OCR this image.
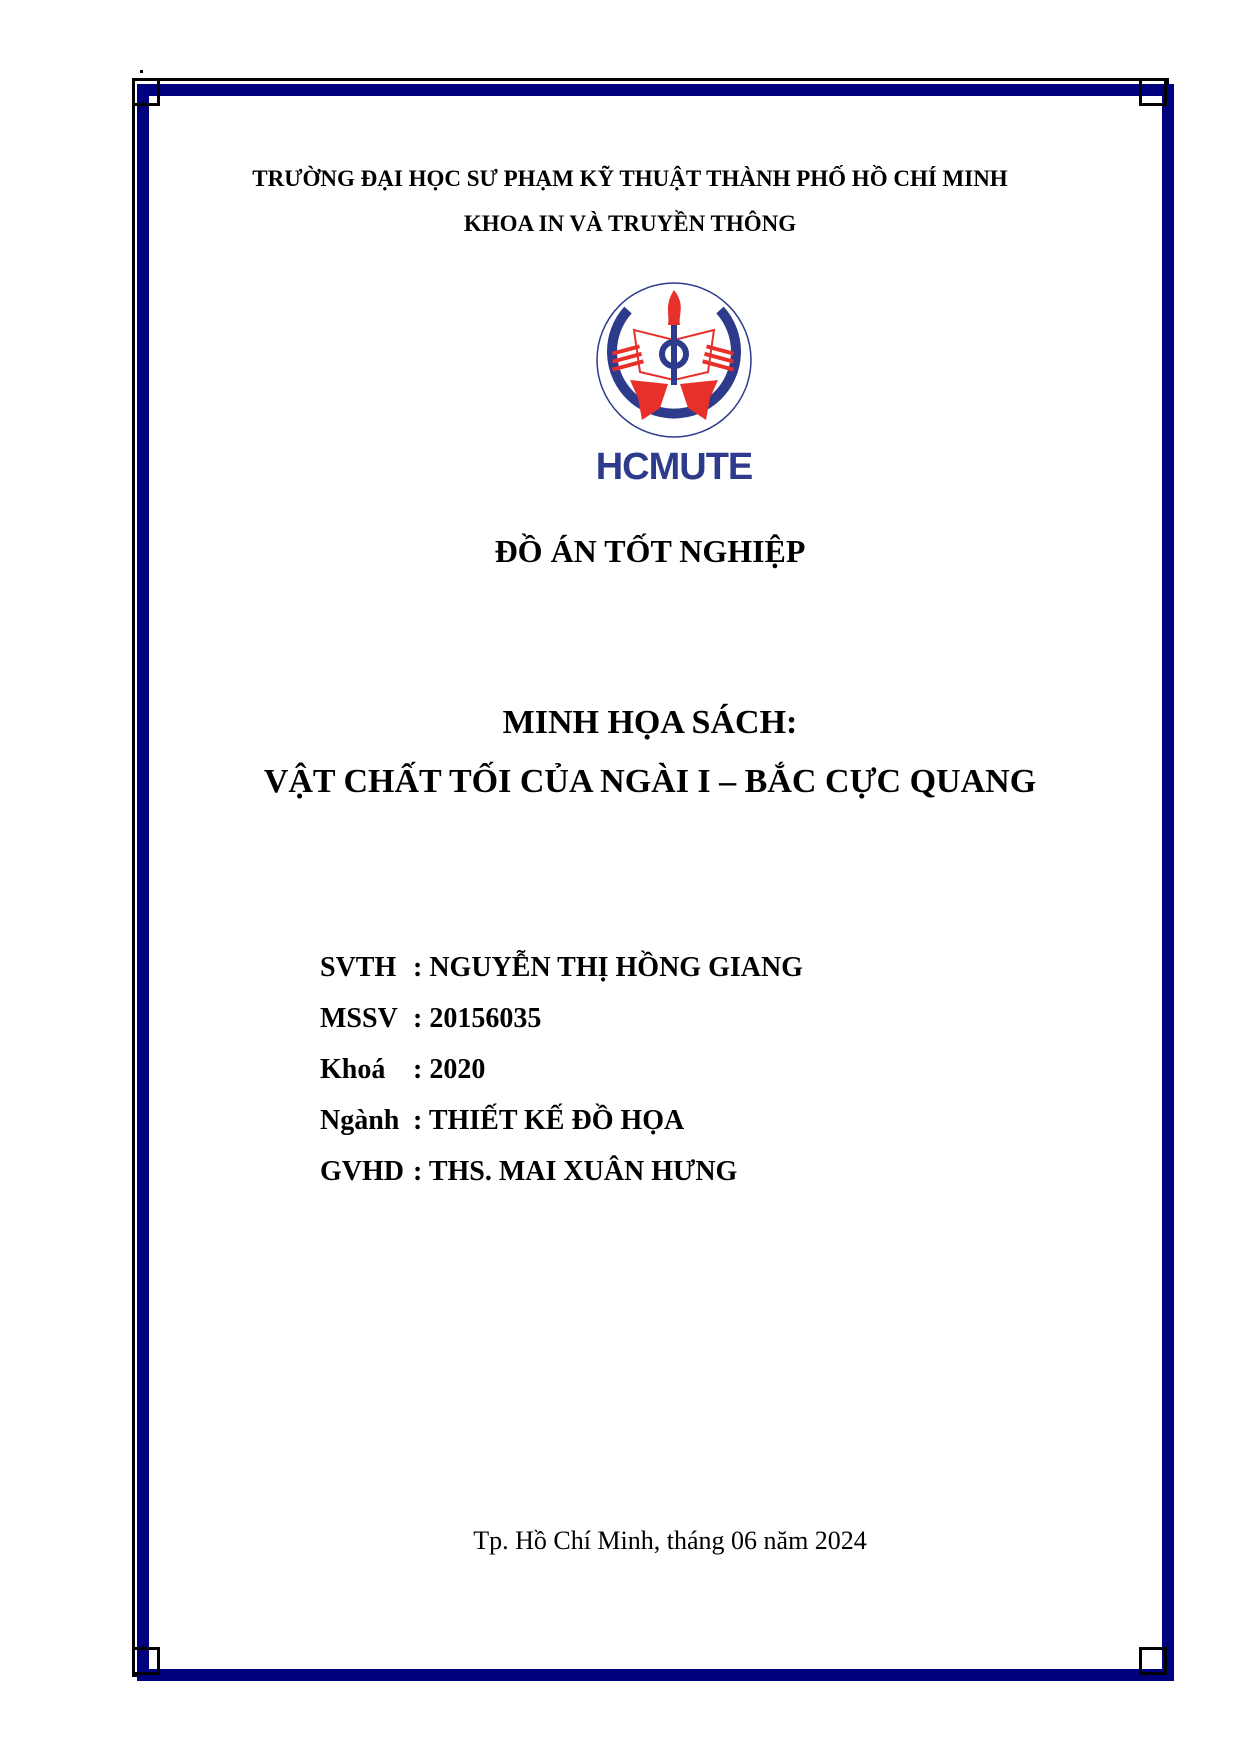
TRƯỜNG ĐẠI HỌC SƯ PHẠM KỸ THUẬT THÀNH PHỐ HỒ CHÍ MINH
KHOA IN VÀ TRUYỀN THÔNG
HCMUTE
ĐỒ ÁN TỐT NGHIỆP
MINH HỌA SÁCH:
VẬT CHẤT TỐI CỦA NGÀI I – BẮC CỰC QUANG
SVTH : NGUYỄN THỊ HỒNG GIANG
MSSV : 20156035
Khoá : 2020
Ngành : THIẾT KẾ ĐỒ HỌA
GVHD : THS. MAI XUÂN HƯNG
Tp. Hồ Chí Minh, tháng 06 năm 2024
